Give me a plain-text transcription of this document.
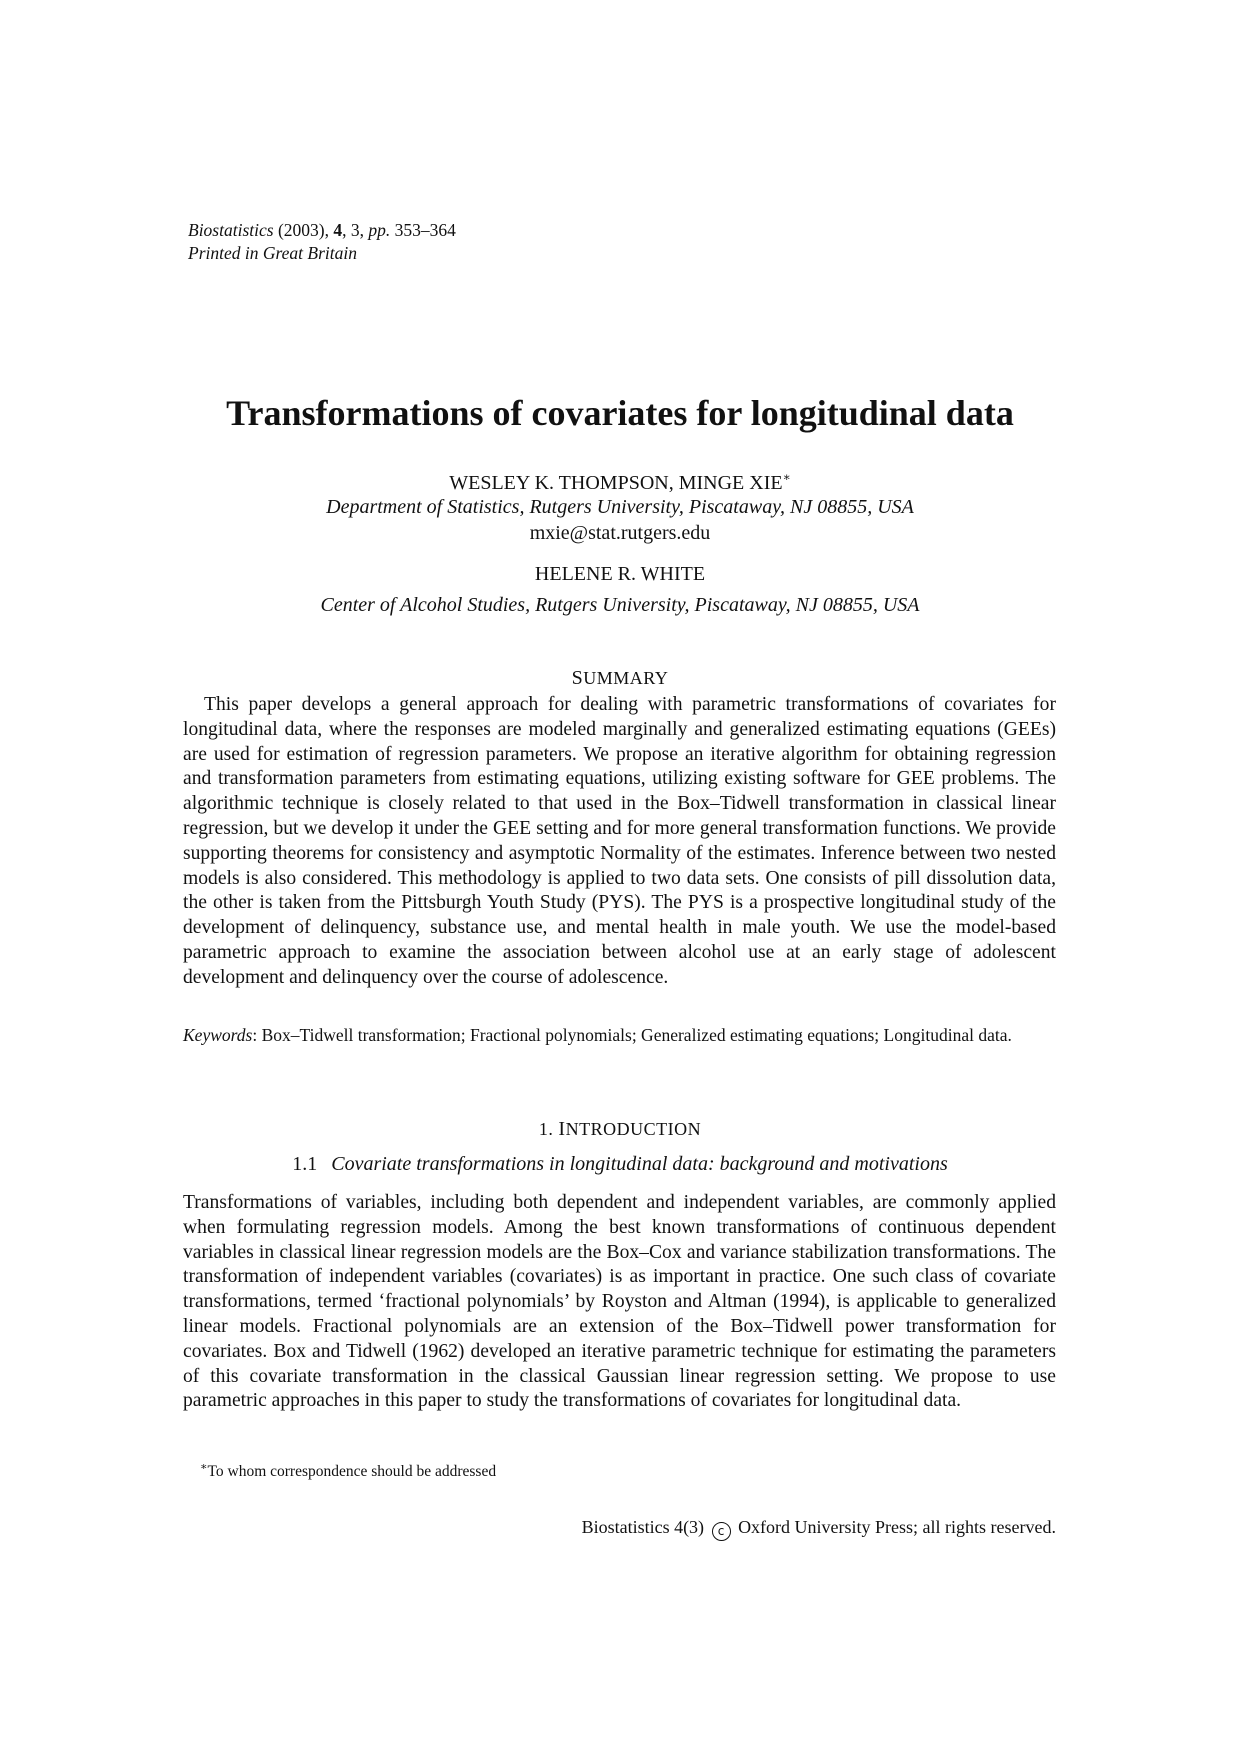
Biostatistics (2003), 4, 3, pp. 353–364
Printed in Great Britain
Transformations of covariates for longitudinal data
WESLEY K. THOMPSON, MINGE XIE∗
Department of Statistics, Rutgers University, Piscataway, NJ 08855, USA
mxie@stat.rutgers.edu
HELENE R. WHITE
Center of Alcohol Studies, Rutgers University, Piscataway, NJ 08855, USA
SUMMARY

This paper develops a general approach for dealing with parametric transformations of covariates for longitudinal data, where the responses are modeled marginally and generalized estimating equations (GEEs) are used for estimation of regression parameters. We propose an iterative algorithm for obtaining regression and transformation parameters from estimating equations, utilizing existing software for GEE problems. The algorithmic technique is closely related to that used in the Box–Tidwell transformation in classical linear regression, but we develop it under the GEE setting and for more general transformation functions. We provide supporting theorems for consistency and asymptotic Normality of the estimates. Inference between two nested models is also considered. This methodology is applied to two data sets. One consists of pill dissolution data, the other is taken from the Pittsburgh Youth Study (PYS). The PYS is a prospective longitudinal study of the development of delinquency, substance use, and mental health in male youth. We use the model-based parametric approach to examine the association between alcohol use at an early stage of adolescent development and delinquency over the course of adolescence.

Keywords: Box–Tidwell transformation; Fractional polynomials; Generalized estimating equations; Longitudinal data.

1. INTRODUCTION
1.1 Covariate transformations in longitudinal data: background and motivations

Transformations of variables, including both dependent and independent variables, are commonly applied when formulating regression models. Among the best known transformations of continuous dependent variables in classical linear regression models are the Box–Cox and variance stabilization transformations. The transformation of independent variables (covariates) is as important in practice. One such class of covariate transformations, termed ‘fractional polynomials’ by Royston and Altman (1994), is applicable to generalized linear models. Fractional polynomials are an extension of the Box–Tidwell power transformation for covariates. Box and Tidwell (1962) developed an iterative parametric technique for estimating the parameters of this covariate transformation in the classical Gaussian linear regression setting. We propose to use parametric approaches in this paper to study the transformations of covariates for longitudinal data.

∗To whom correspondence should be addressed
Biostatistics 4(3) c Oxford University Press; all rights reserved.
